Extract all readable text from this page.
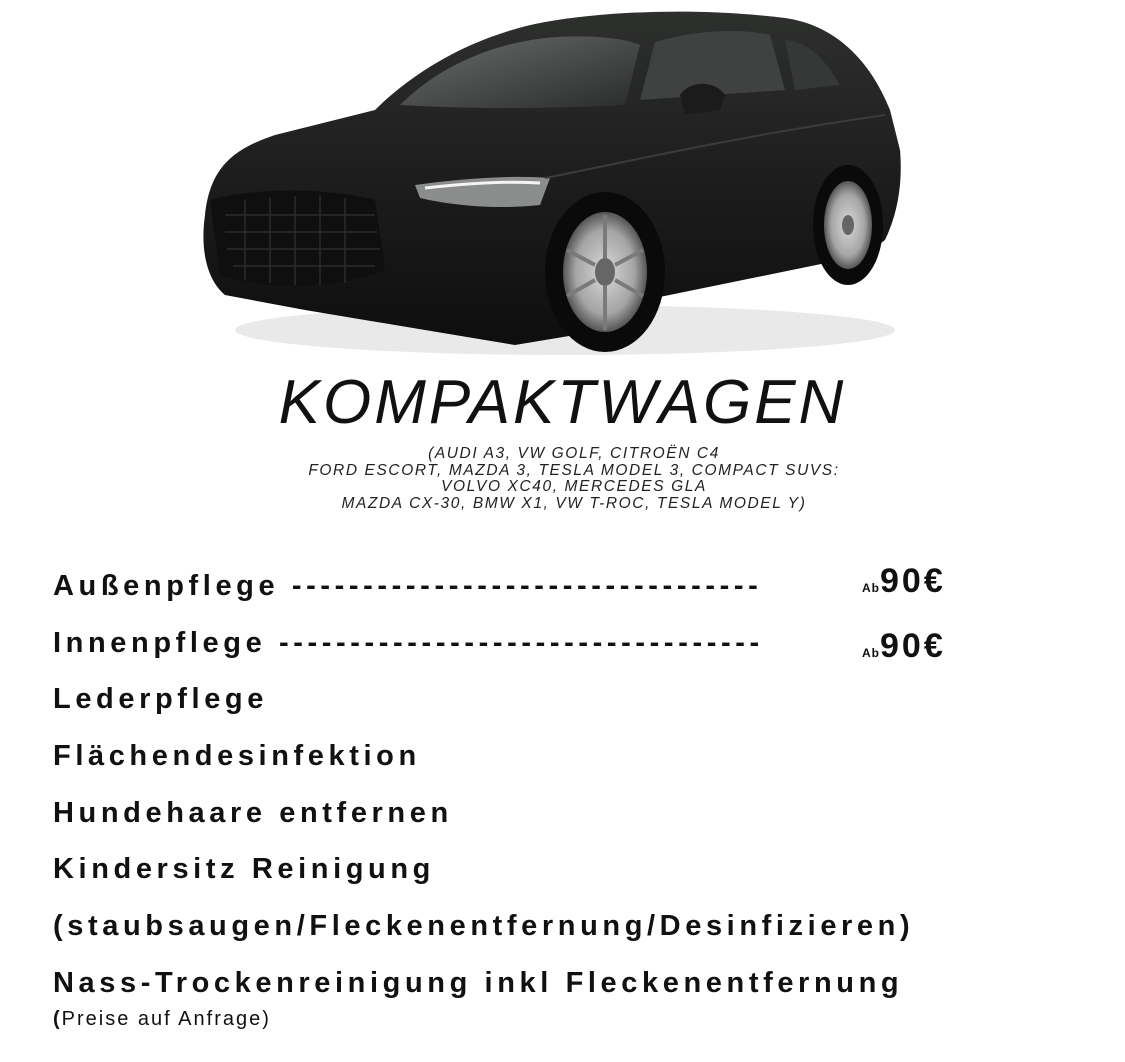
KOMPAKTWAGEN
(AUDI A3, VW GOLF, CITROËN C4
FORD ESCORT, MAZDA 3, TESLA MODEL 3, COMPACT SUVS:
VOLVO XC40, MERCEDES GLA
MAZDA CX-30, BMW X1, VW T-ROC, TESLA MODEL Y)
Außenpflege ---------------------------------
Innenpflege ----------------------------------
Lederpflege
Flächendesinfektion
Hundehaare entfernen
Kindersitz Reinigung
(staubsaugen/Fleckenentfernung/Desinfizieren)
Nass-Trockenreinigung inkl Fleckenentfernung
Ab90€
Ab90€
(Preise auf Anfrage)
